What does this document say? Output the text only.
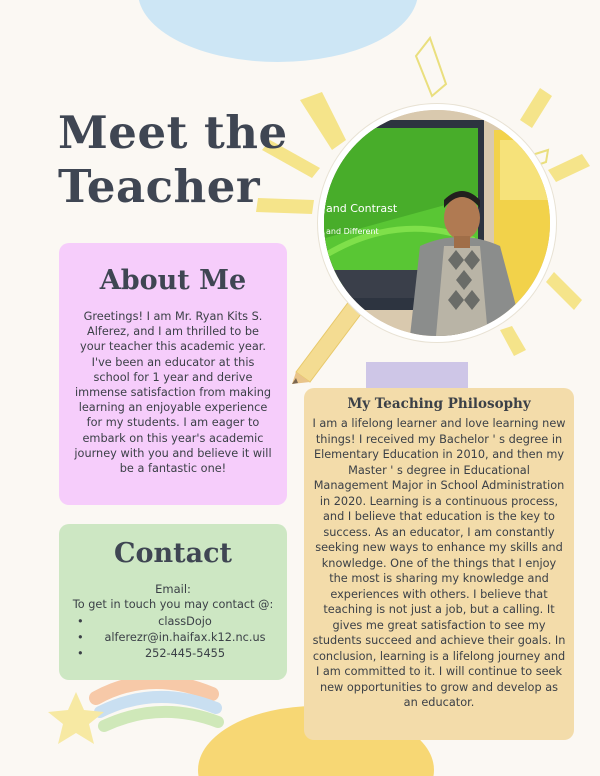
Meet the
Teacher	and Contrast
and Different
About Me

Greetings! I am Mr. Ryan Kits S. Alferez, and I am thrilled to be your teacher this academic year. I've been an educator at this school for 1 year and derive immense satisfaction from making learning an enjoyable experience for my students. I am eager to embark on this year's academic journey with you and believe it will be a fantastic one!

Contact
Email:
To get in touch you may contact @:
• classDojo
• alferezr@in.haifax.k12.nc.us
• 252-445-5455
My Teaching Philosophy

I am a lifelong learner and love learning new things! I received my Bachelor ' s degree in Elementary Education in 2010, and then my Master ' s degree in Educational Management Major in School Administration in 2020. Learning is a continuous process, and I believe that education is the key to success. As an educator, I am constantly seeking new ways to enhance my skills and knowledge. One of the things that I enjoy the most is sharing my knowledge and experiences with others. I believe that teaching is not just a job, but a calling. It gives me great satisfaction to see my students succeed and achieve their goals. In conclusion, learning is a lifelong journey and I am committed to it. I will continue to seek new opportunities to grow and develop as an educator.
